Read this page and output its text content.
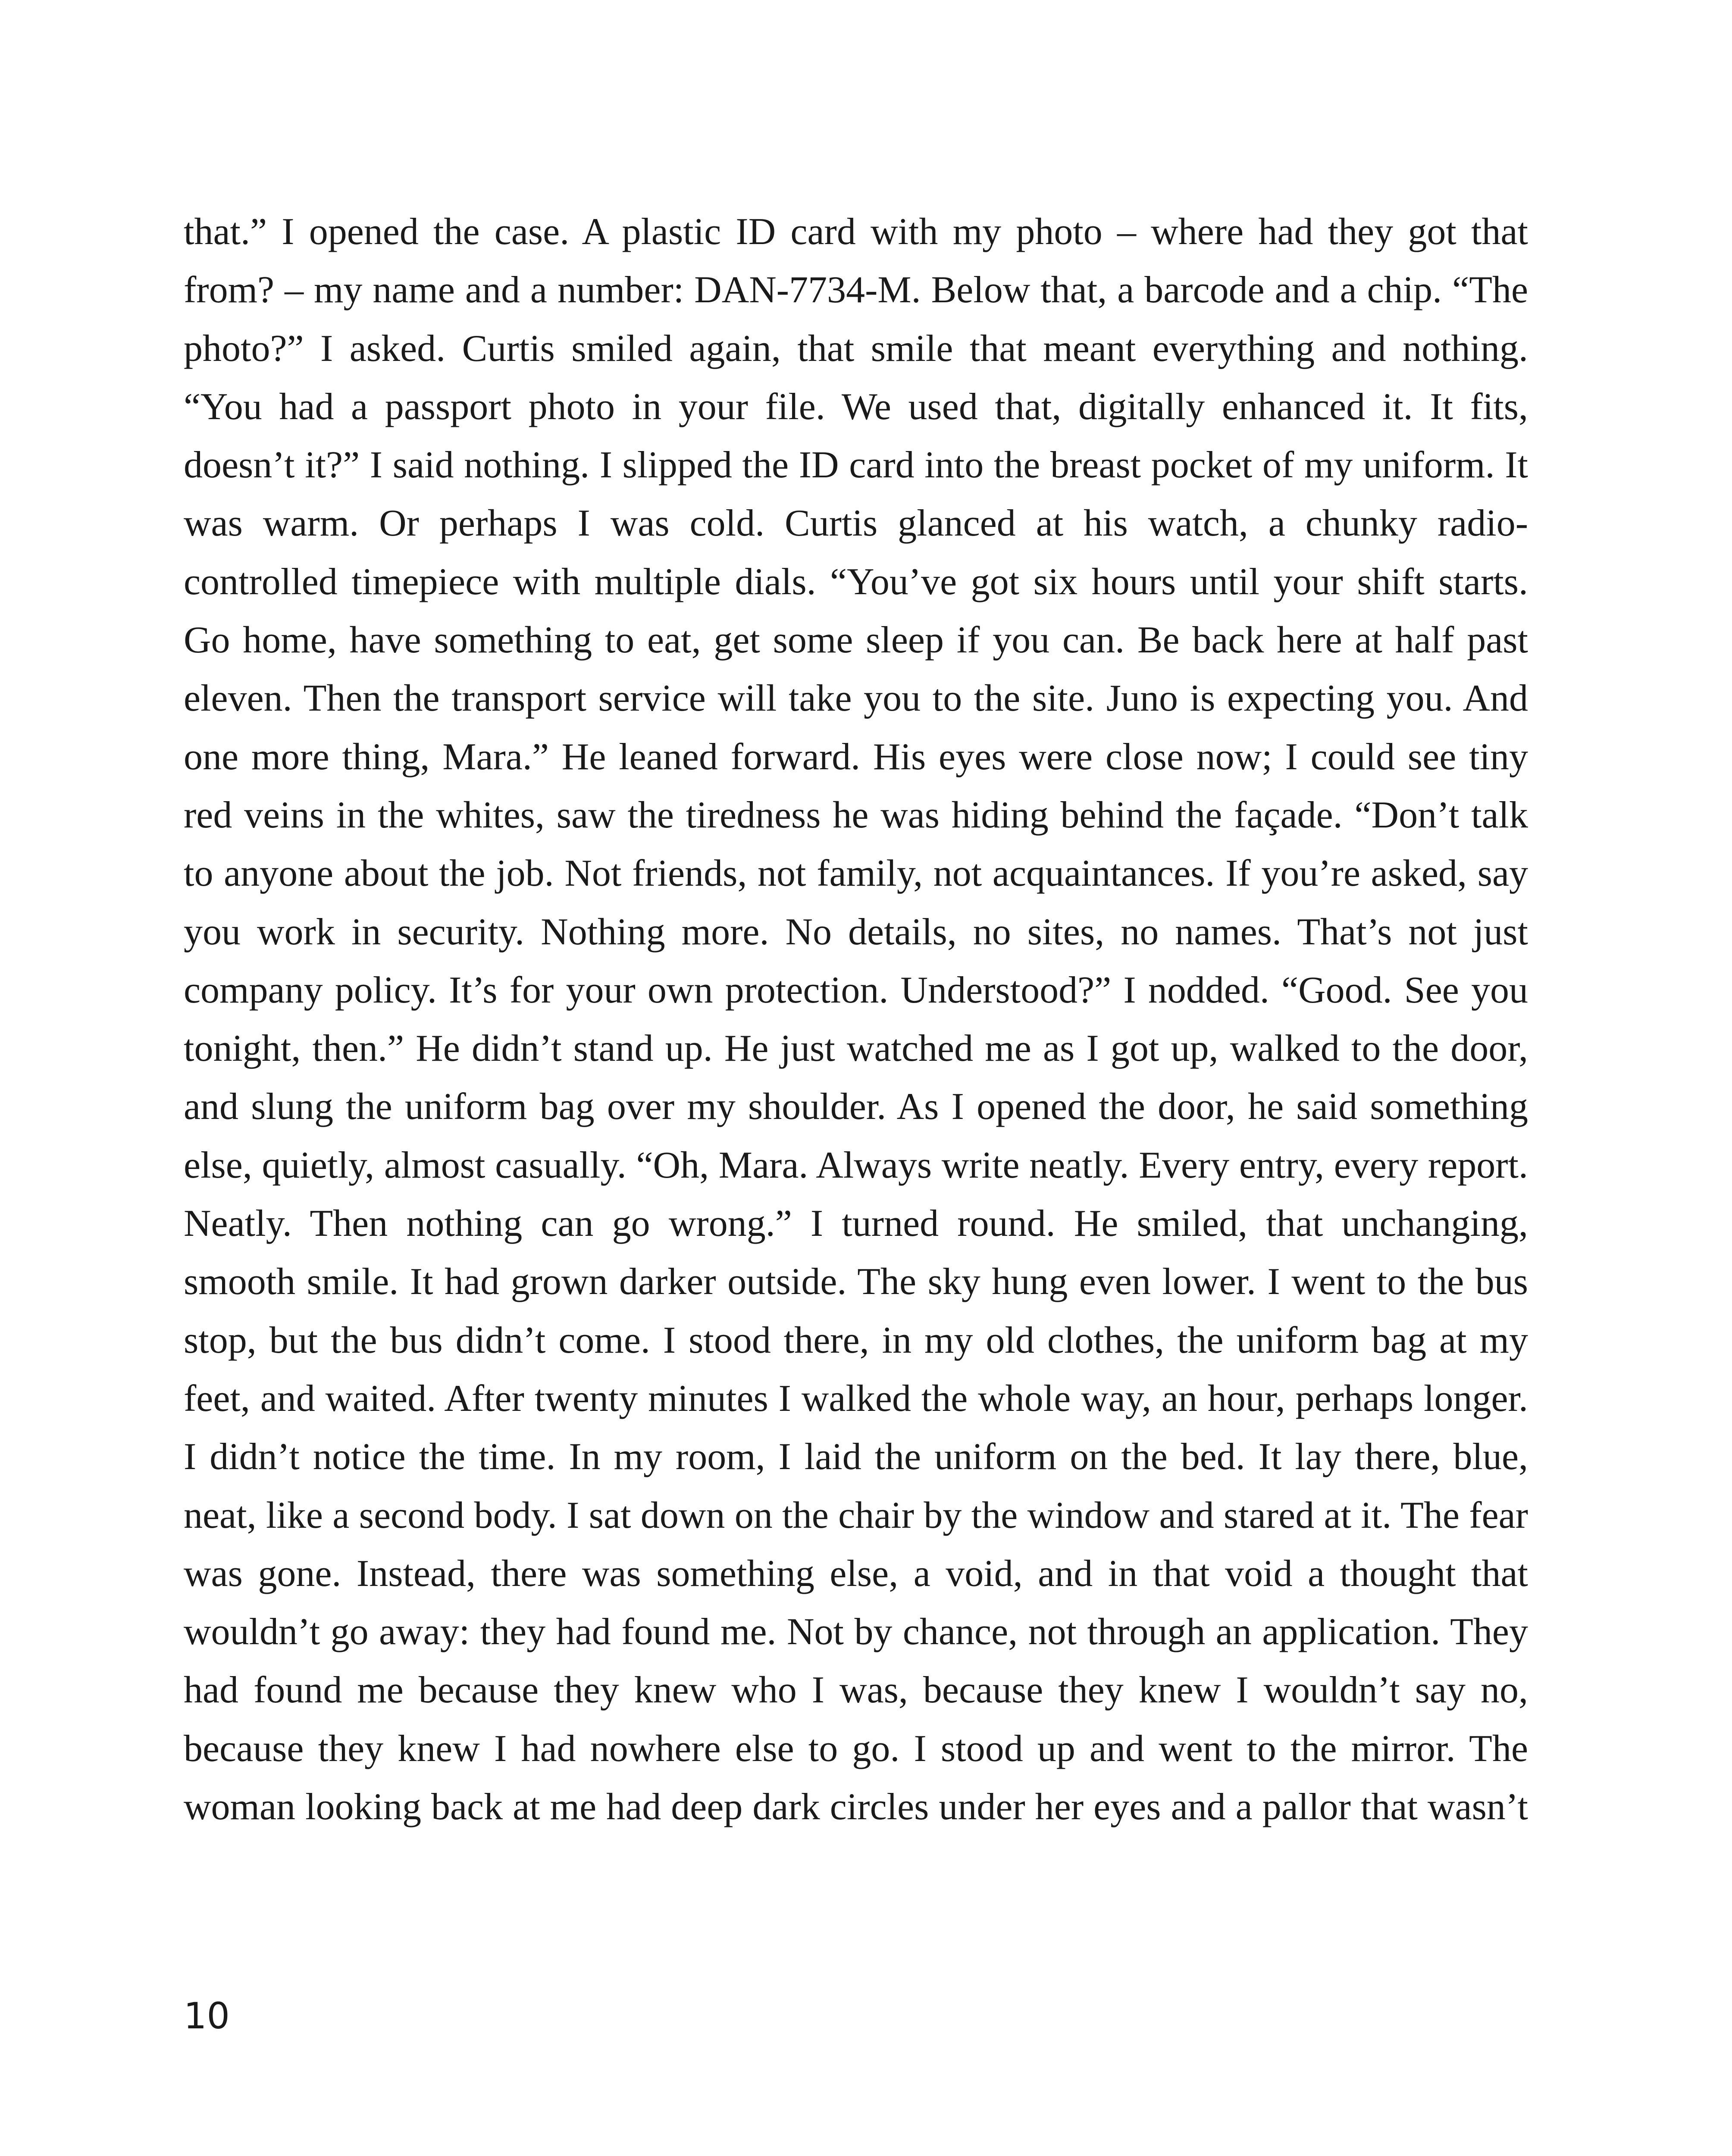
that.” I opened the case. A plastic ID card with my photo – where had they got that from? – my name and a number: DAN-7734-M. Below that, a barcode and a chip. “The photo?” I asked. Curtis smiled again, that smile that meant everything and nothing. “You had a passport photo in your file. We used that, digitally enhanced it. It fits, doesn’t it?” I said nothing. I slipped the ID card into the breast pocket of my uniform. It was warm. Or perhaps I was cold. Curtis glanced at his watch, a chunky radio-controlled timepiece with multiple dials. “You’ve got six hours until your shift starts. Go home, have something to eat, get some sleep if you can. Be back here at half past eleven. Then the transport service will take you to the site. Juno is expecting you. And one more thing, Mara.” He leaned forward. His eyes were close now; I could see tiny red veins in the whites, saw the tiredness he was hiding behind the façade. “Don’t talk to anyone about the job. Not friends, not family, not acquaintances. If you’re asked, say you work in security. Nothing more. No details, no sites, no names. That’s not just company policy. It’s for your own protection. Understood?” I nodded. “Good. See you tonight, then.” He didn’t stand up. He just watched me as I got up, walked to the door, and slung the uniform bag over my shoulder. As I opened the door, he said something else, quietly, almost casually. “Oh, Mara. Always write neatly. Every entry, every report. Neatly. Then nothing can go wrong.” I turned round. He smiled, that unchanging, smooth smile. It had grown darker outside. The sky hung even lower. I went to the bus stop, but the bus didn’t come. I stood there, in my old clothes, the uniform bag at my feet, and waited. After twenty minutes I walked the whole way, an hour, perhaps longer. I didn’t notice the time. In my room, I laid the uniform on the bed. It lay there, blue, neat, like a second body. I sat down on the chair by the window and stared at it. The fear was gone. Instead, there was something else, a void, and in that void a thought that wouldn’t go away: they had found me. Not by chance, not through an application. They had found me because they knew who I was, because they knew I wouldn’t say no, because they knew I had nowhere else to go. I stood up and went to the mirror. The woman looking back at me had deep dark circles under her eyes and a pallor that wasn’t

10
